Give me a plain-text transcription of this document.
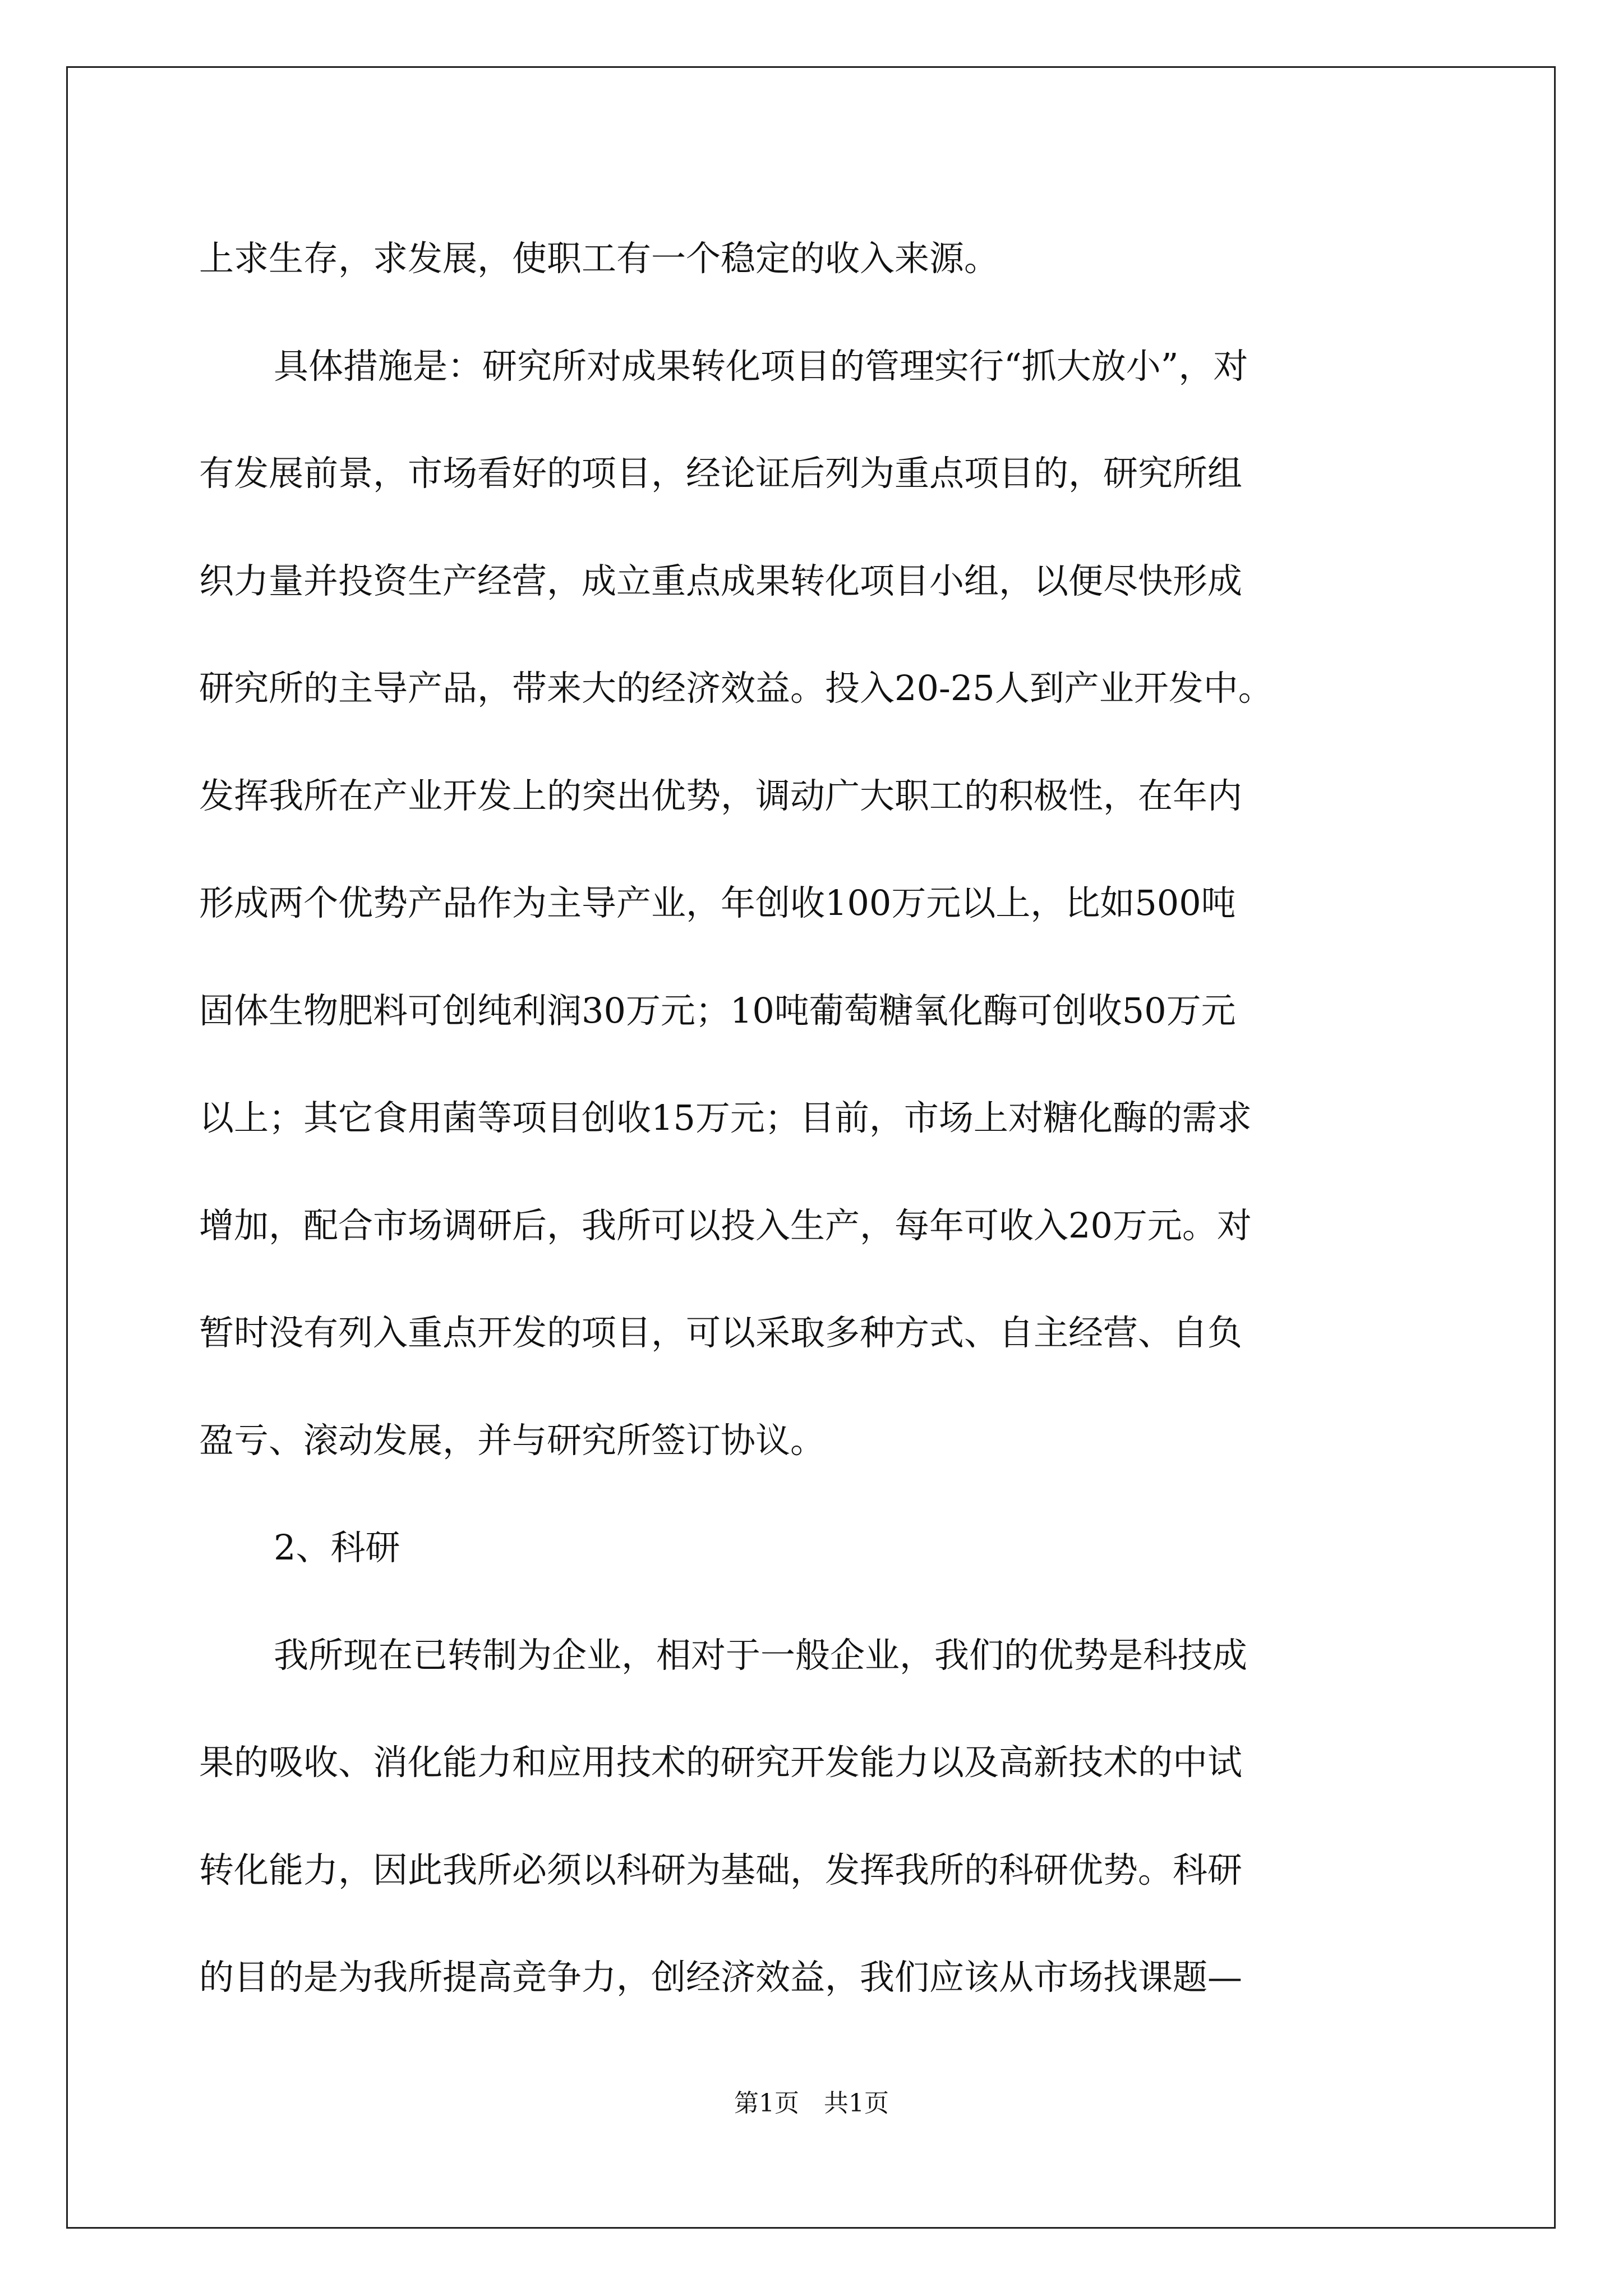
上求生存，求发展，使职工有一个稳定的收入来源。
具体措施是：研究所对成果转化项目的管理实行“抓大放小”，对
有发展前景，市场看好的项目，经论证后列为重点项目的，研究所组
织力量并投资生产经营，成立重点成果转化项目小组，以便尽快形成
研究所的主导产品，带来大的经济效益。投入20-25人到产业开发中。
发挥我所在产业开发上的突出优势，调动广大职工的积极性，在年内
形成两个优势产品作为主导产业，年创收100万元以上，比如500吨
固体生物肥料可创纯利润30万元；10吨葡萄糖氧化酶可创收50万元
以上；其它食用菌等项目创收15万元；目前，市场上对糖化酶的需求
增加，配合市场调研后，我所可以投入生产，每年可收入20万元。对
暂时没有列入重点开发的项目，可以采取多种方式、自主经营、自负
盈亏、滚动发展，并与研究所签订协议。
2、科研
我所现在已转制为企业，相对于一般企业，我们的优势是科技成
果的吸收、消化能力和应用技术的研究开发能力以及高新技术的中试
转化能力，因此我所必须以科研为基础，发挥我所的科研优势。科研
的目的是为我所提高竞争力，创经济效益，我们应该从市场找课题—
第1页　共1页
